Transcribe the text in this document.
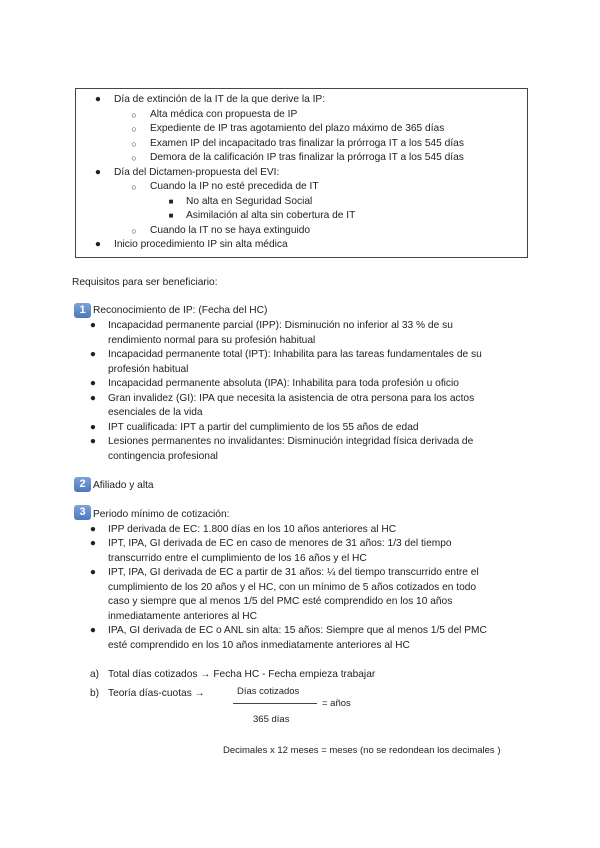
● Día de extinción de la IT de la que derive la IP:
○ Alta médica con propuesta de IP
○ Expediente de IP tras agotamiento del plazo máximo de 365 días
○ Examen IP del incapacitado tras finalizar la prórroga IT a los 545 días
○ Demora de la calificación IP tras finalizar la prórroga IT a los 545 días
● Día del Dictamen-propuesta del EVI:
○ Cuando la IP no esté precedida de IT
■ No alta en Seguridad Social
■ Asimilación al alta sin cobertura de IT
○ Cuando la IT no se haya extinguido
● Inicio procedimiento IP sin alta médica
Requisitos para ser beneficiario:
1 Reconocimiento de IP: (Fecha del HC)
● Incapacidad permanente parcial (IPP): Disminución no inferior al 33 % de su
rendimiento normal para su profesión habitual
● Incapacidad permanente total (IPT): Inhabilita para las tareas fundamentales de su
profesión habitual
● Incapacidad permanente absoluta (IPA): Inhabilita para toda profesión u oficio
● Gran invalidez (GI): IPA que necesita la asistencia de otra persona para los actos
esenciales de la vida
● IPT cualificada: IPT a partir del cumplimiento de los 55 años de edad
● Lesiones permanentes no invalidantes: Disminución integridad física derivada de
contingencia profesional
2 Afiliado y alta
3 Periodo mínimo de cotización:
● IPP derivada de EC: 1.800 días en los 10 años anteriores al HC
● IPT, IPA, GI derivada de EC en caso de menores de 31 años: 1/3 del tiempo
transcurrido entre el cumplimiento de los 16 años y el HC
● IPT, IPA, GI derivada de EC a partir de 31 años: ¼ del tiempo transcurrido entre el
cumplimiento de los 20 años y el HC, con un mínimo de 5 años cotizados en todo
caso y siempre que al menos 1/5 del PMC esté comprendido en los 10 años
inmediatamente anteriores al HC
● IPA, GI derivada de EC o ANL sin alta: 15 años: Siempre que al menos 1/5 del PMC
esté comprendido en los 10 años inmediatamente anteriores al HC
a) Total días cotizados → Fecha HC - Fecha empieza trabajar
b) Teoría días-cuotas →	Días cotizados
= años
365 días
Decimales x 12 meses = meses (no se redondean los decimales )
